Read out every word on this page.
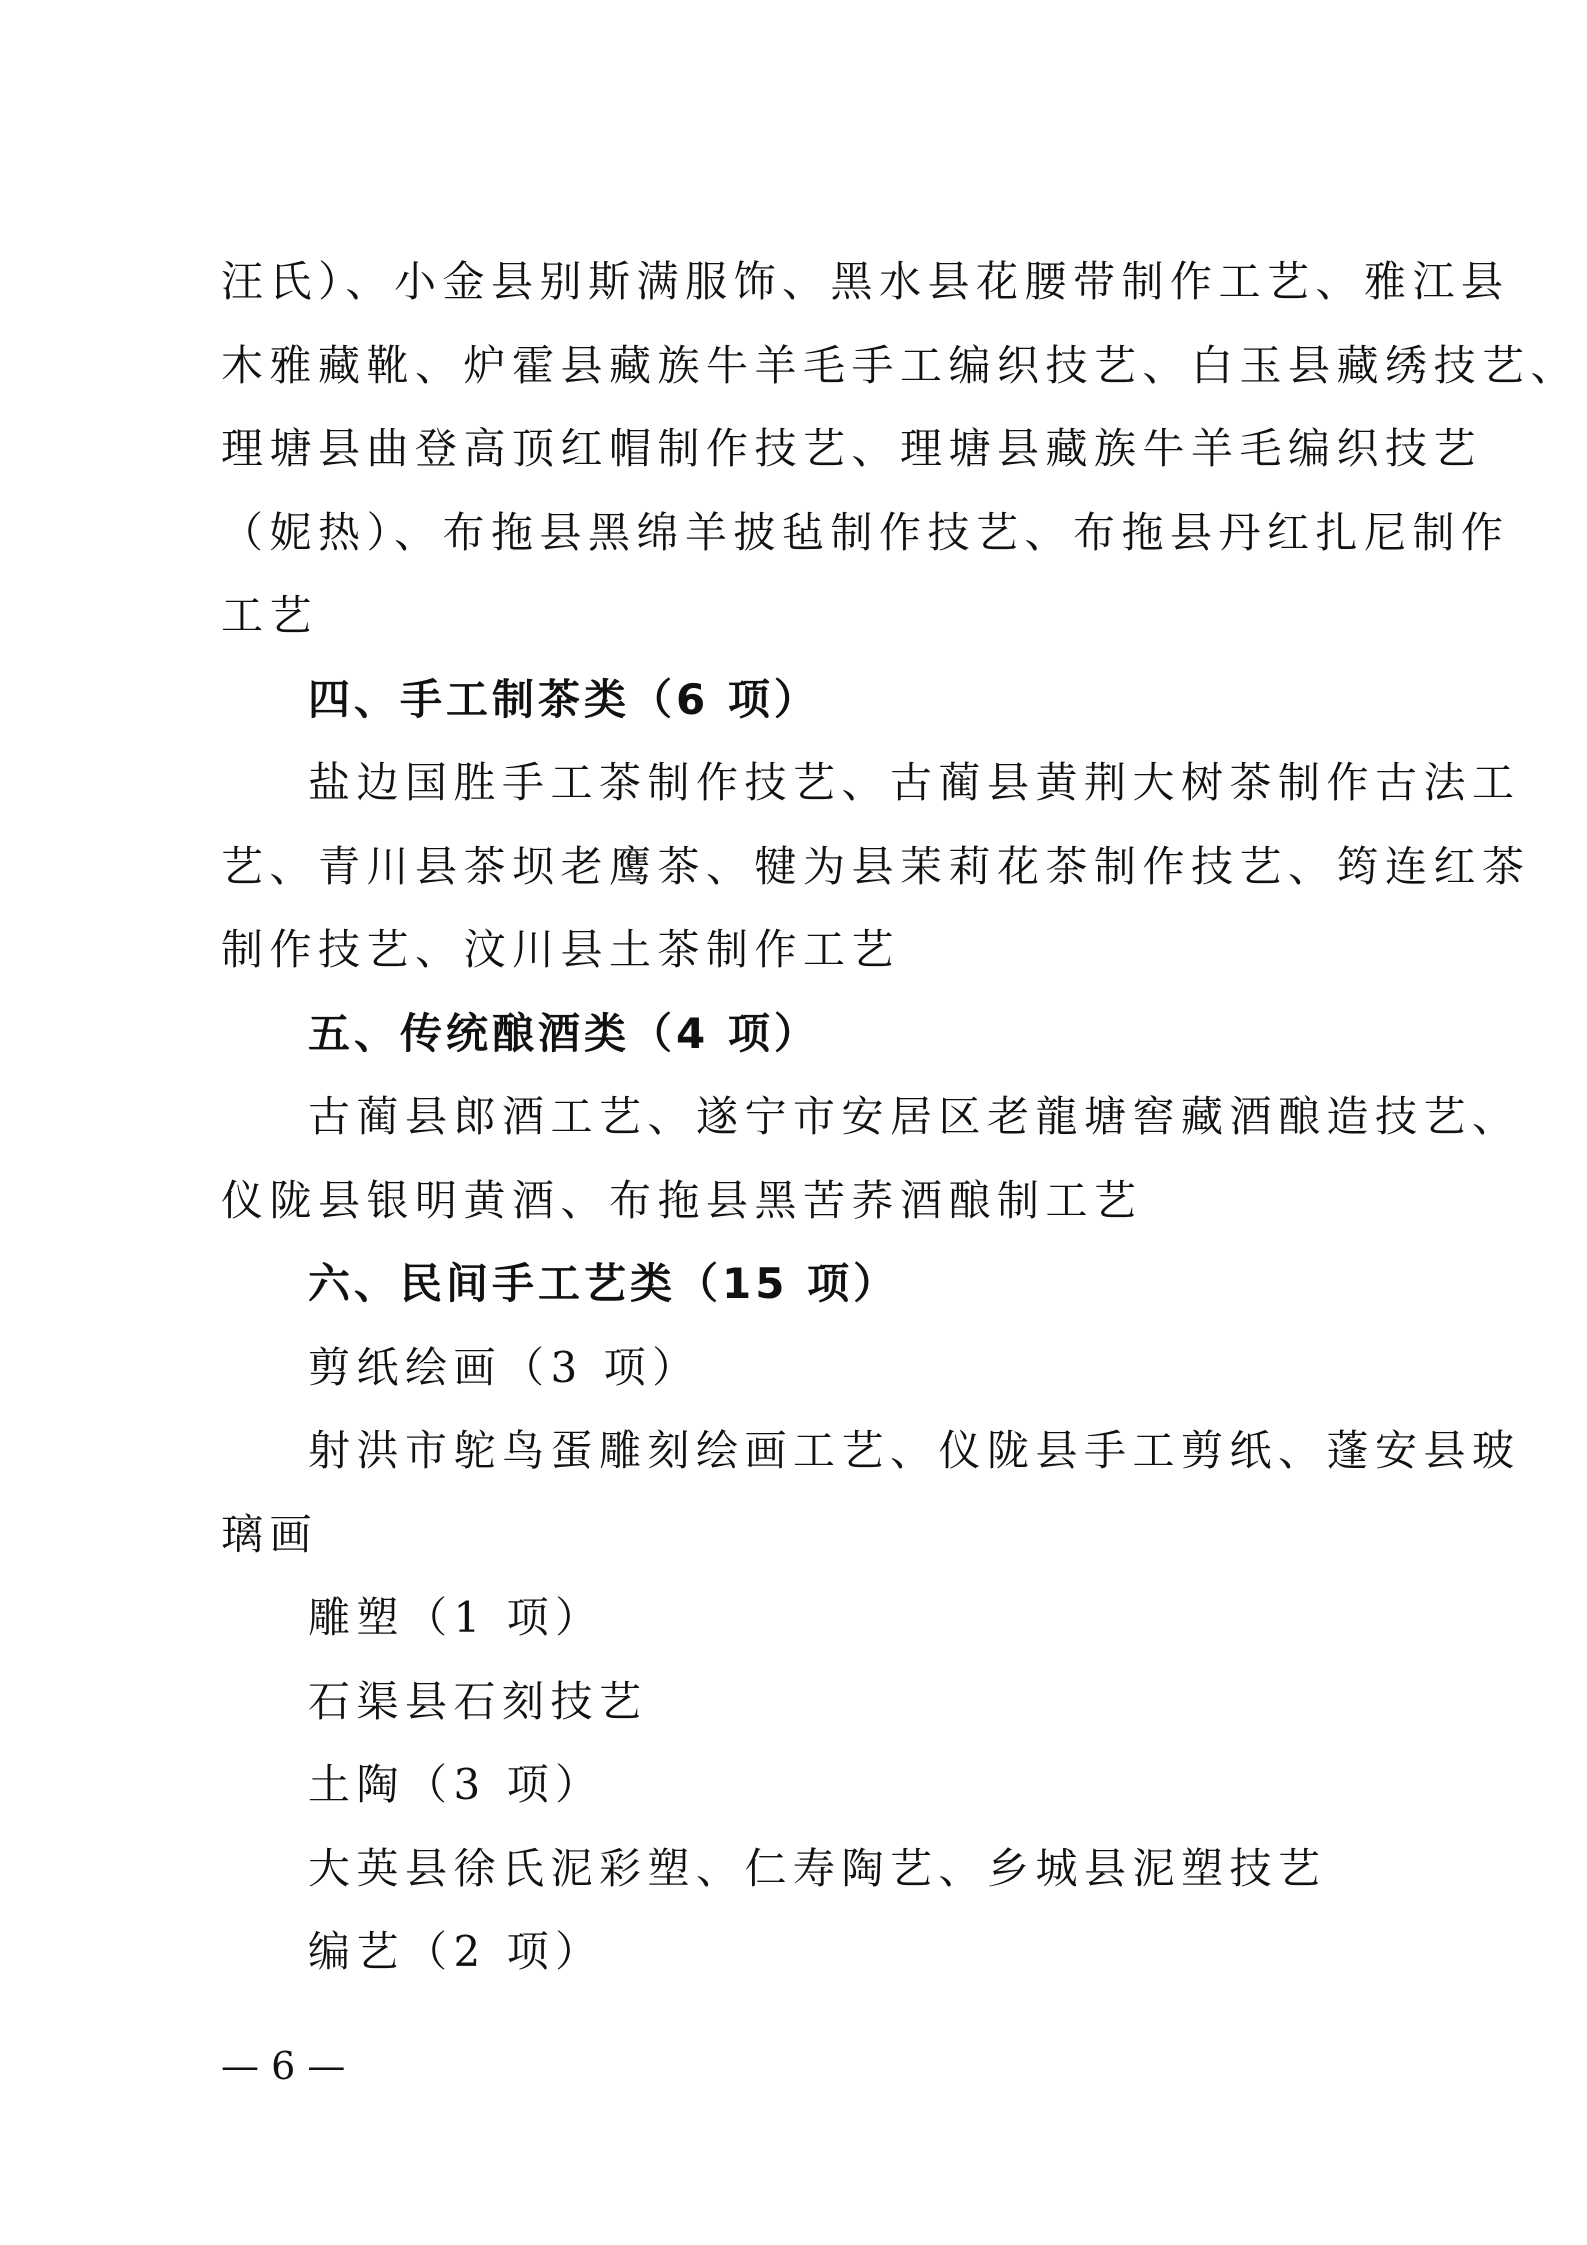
汪氏）、小金县别斯满服饰、黑水县花腰带制作工艺、雅江县
木雅藏靴、炉霍县藏族牛羊毛手工编织技艺、白玉县藏绣技艺、
理塘县曲登高顶红帽制作技艺、理塘县藏族牛羊毛编织技艺
（妮热）、布拖县黑绵羊披毡制作技艺、布拖县丹红扎尼制作
工艺
四、手工制茶类（6 项）
盐边国胜手工茶制作技艺、古蔺县黄荆大树茶制作古法工
艺、青川县茶坝老鹰茶、犍为县茉莉花茶制作技艺、筠连红茶
制作技艺、汶川县土茶制作工艺
五、传统酿酒类（4 项）
古蔺县郎酒工艺、遂宁市安居区老龍塘窖藏酒酿造技艺、
仪陇县银明黄酒、布拖县黑苦荞酒酿制工艺
六、民间手工艺类（15 项）
剪纸绘画（3 项）
射洪市鸵鸟蛋雕刻绘画工艺、仪陇县手工剪纸、蓬安县玻
璃画
雕塑（1 项）
石渠县石刻技艺
土陶（3 项）
大英县徐氏泥彩塑、仁寿陶艺、乡城县泥塑技艺
编艺（2 项）
— 6 —
